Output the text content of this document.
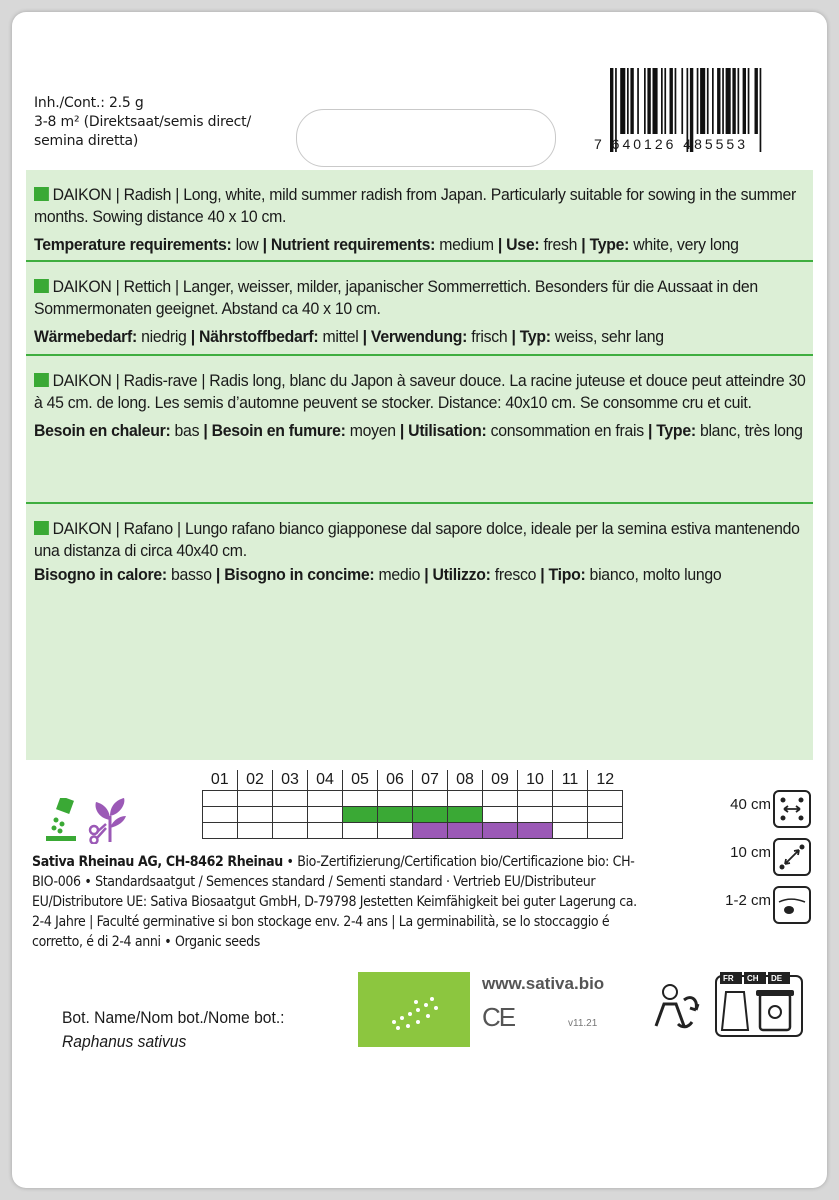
Inh./Cont.: 2.5 g
3-8 m² (Direktsaat/semis direct/
semina diretta)	7 640126 485553

DAIKON | Radish | Long, white, mild summer radish from Japan. Particularly suitable for sowing in the summer months. Sowing distance 40 x 10 cm.

Temperature requirements: low | Nutrient requirements: medium | Use: fresh | Type: white, very long

DAIKON | Rettich | Langer, weisser, milder, japanischer Sommerrettich. Besonders für die Aussaat in den Sommermonaten geeignet. Abstand ca 40 x 10 cm.

Wärmebedarf: niedrig | Nährstoffbedarf: mittel | Verwendung: frisch | Typ: weiss, sehr lang

DAIKON | Radis-rave | Radis long, blanc du Japon à saveur douce. La racine juteuse et douce peut atteindre 30 à 45 cm. de long. Les semis d’automne peuvent se stocker. Distance: 40x10 cm. Se consomme cru et cuit.

Besoin en chaleur: bas | Besoin en fumure: moyen | Utilisation: consommation en frais | Type: blanc, très long

DAIKON | Rafano | Lungo rafano bianco giapponese dal sapore dolce, ideale per la semina estiva mantenendo una distanza di circa 40x40 cm.

Bisogno in calore: basso | Bisogno in concime: medio | Utilizzo: fresco | Tipo: bianco, molto lungo

01	02	03	04	05	06	07	08	09	10	11	12

40 cm
10 cm
1-2 cm
Sativa Rheinau AG, CH-8462 Rheinau • Bio-Zertifizierung/Certification bio/Certificazione bio: CH-BIO-006 • Standardsaatgut / Semences standard / Sementi standard · Vertrieb EU/Distributeur EU/Distributore UE: Sativa Biosaatgut GmbH, D-79798 Jestetten Keimfähigkeit bei guter Lagerung ca. 2-4 Jahre | Faculté germinative si bon stockage env. 2-4 ans | La germinabilità, se lo stoccaggio é corretto, é di 2-4 anni • Organic seeds
www.sativa.bio
CE	v11.21
Bot. Name/Nom bot./Nome bot.:
Raphanus sativus
FR CH DE
